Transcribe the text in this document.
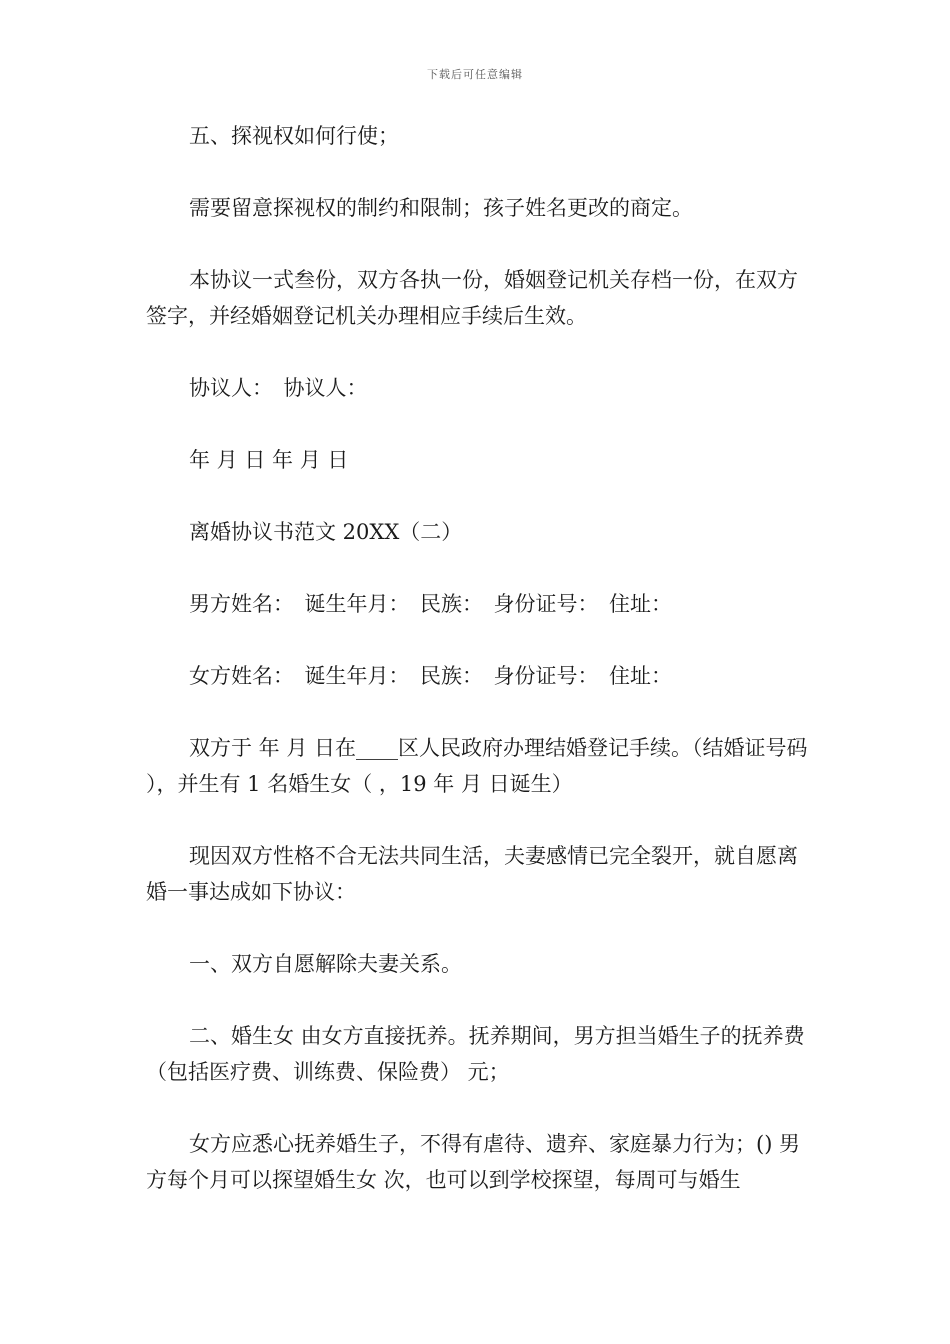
下载后可任意编辑

五、探视权如何行使；

需要留意探视权的制约和限制；孩子姓名更改的商定。

本协议一式叁份，双方各执一份，婚姻登记机关存档一份，在双方签字，并经婚姻登记机关办理相应手续后生效。

协议人：　协议人：

年 月 日 年 月 日

离婚协议书范文 20XX（二）

男方姓名：　诞生年月：　民族：　身份证号：　住址：

女方姓名：　诞生年月：　民族：　身份证号：　住址：

双方于 年 月 日在____区人民政府办理结婚登记手续。（结婚证号码 ），并生有 1 名婚生女（ ，19 年 月 日诞生）

现因双方性格不合无法共同生活，夫妻感情已完全裂开，就自愿离婚一事达成如下协议：

一、双方自愿解除夫妻关系。

二、婚生女 由女方直接抚养。抚养期间，男方担当婚生子的抚养费（包括医疗费、训练费、保险费） 元；

女方应悉心抚养婚生子，不得有虐待、遗弃、家庭暴力行为；() 男方每个月可以探望婚生女 次，也可以到学校探望，每周可与婚生
